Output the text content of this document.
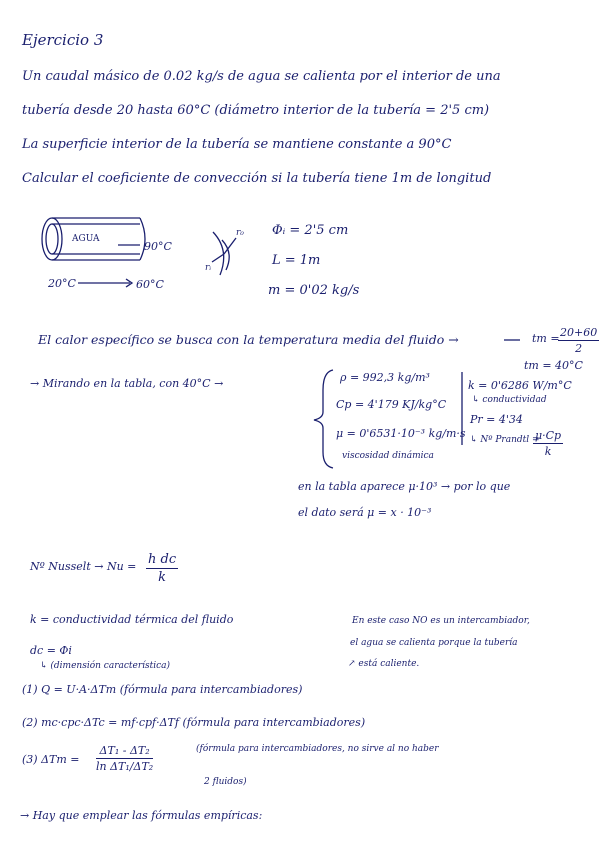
Ejercicio 3
Un caudal másico de 0.02 kg/s de agua se calienta por el interior de una
tubería desde 20 hasta 60°C (diámetro interior de la tubería = 2'5 cm)
La superficie interior de la tubería se mantiene constante a 90°C
Calcular el coeficiente de convección si la tubería tiene 1m de longitud
AGUA
90°C
20°C	60°C
r₀
rᵢ
Φᵢ = 2'5 cm
L = 1m
m = 0'02 kg/s
El calor específico se busca con la temperatura media del fluido →	tm =
$\frac{20+60}{2}$
tm = 40°C
→ Mirando en la tabla, con 40°C →	ρ = 992,3 kg/m³
Cp = 4'179 KJ/kg°C
μ = 0'6531·10⁻³ kg/m·s
viscosidad dinámica
k = 0'6286 W/m°C
↳ conductividad
Pr = 4'34
↳ Nº Prandtl =
$\frac{\mu\cdot Cp}{k}$
en la tabla aparece μ·10³ → por lo que
el dato será μ = x · 10⁻³
Nº Nusselt → $Nu = \frac{\text{h dc}}{k}$
k = conductividad térmica del fluido
dc = Φi
↳ (dimensión característica)
En este caso NO es un intercambiador,
el agua se calienta porque la tubería
↗ está caliente.
(1) Q = U·A·ΔTm (fórmula para intercambiadores)
(2) mc·cpc·ΔTc = mf·cpf·ΔTf (fórmula para intercambiadores)
(3) $\Delta Tm = \frac{\text{ΔT₁ - ΔT₂}}{\text{ln ΔT₁/ΔT₂}}$	(fórmula para intercambiadores, no sirve al no haber
2 fluidos)
→ Hay que emplear las fórmulas empíricas:
